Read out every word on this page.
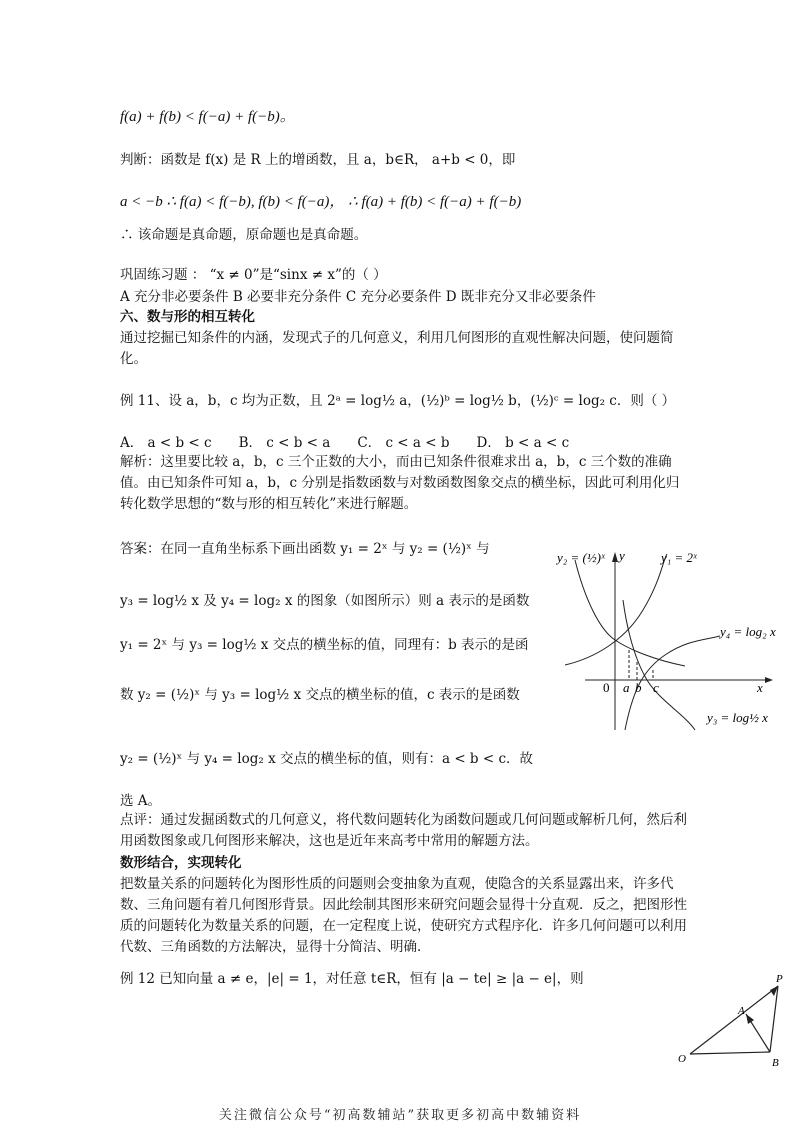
f(a) + f(b) < f(−a) + f(−b)。
判断：函数是 f(x) 是 R 上的增函数，且 a，b∈R， a+b < 0，即
a < −b ∴ f(a) < f(−b), f(b) < f(−a)， ∴ f(a) + f(b) < f(−a) + f(−b)
∴ 该命题是真命题，原命题也是真命题。
巩固练习题 ： “x ≠ 0”是“sinx ≠ x”的（ ）
A 充分非必要条件 B 必要非充分条件 C 充分必要条件 D 既非充分又非必要条件
六、数与形的相互转化
通过挖掘已知条件的内涵，发现式子的几何意义，利用几何图形的直观性解决问题，使问题简化。
例 11、设 a，b，c 均为正数，且 2ᵃ = log½ a，(½)ᵇ = log½ b，(½)ᶜ = log₂ c．则（ ）
A． a < b < c　　B． c < b < a　　C． c < a < b　　D． b < a < c
解析：这里要比较 a，b，c 三个正数的大小，而由已知条件很难求出 a，b，c 三个数的准确值。由已知条件可知 a，b，c 分别是指数函数与对数函数图象交点的横坐标，因此可利用化归转化数学思想的“数与形的相互转化”来进行解题。
答案：在同一直角坐标系下画出函数 y₁ = 2ˣ 与 y₂ = (½)ˣ 与
y₃ = log½ x 及 y₄ = log₂ x 的图象（如图所示）则 a 表示的是函数
y₁ = 2ˣ 与 y₃ = log½ x 交点的横坐标的值，同理有：b 表示的是函
数 y₂ = (½)ˣ 与 y₃ = log½ x 交点的横坐标的值，c 表示的是函数
y₂ = (½)ˣ 与 y₄ = log₂ x 交点的横坐标的值，则有：a < b < c．故
选 A。
点评：通过发掘函数式的几何意义，将代数问题转化为函数问题或几何问题或解析几何，然后利用函数图象或几何图形来解决，这也是近年来高考中常用的解题方法。
数形结合，实现转化
把数量关系的问题转化为图形性质的问题则会变抽象为直观，使隐含的关系显露出来，许多代数、三角问题有着几何图形背景。因此绘制其图形来研究问题会显得十分直观．反之，把图形性质的问题转化为数量关系的问题，在一定程度上说，使研究方式程序化．许多几何问题可以利用代数、三角函数的方法解决，显得十分简洁、明确．
例 12 已知向量 a ≠ e，|e| = 1，对任意 t∈R，恒有 |a − te| ≥ |a − e|，则
y₂ = (½)ˣ y	y₁ = 2ˣ
y₄ = log₂ x
x
0 a b c
y₃ = log½ x
O
A
P
B
关注微信公众号“初高数辅站”获取更多初高中数辅资料
